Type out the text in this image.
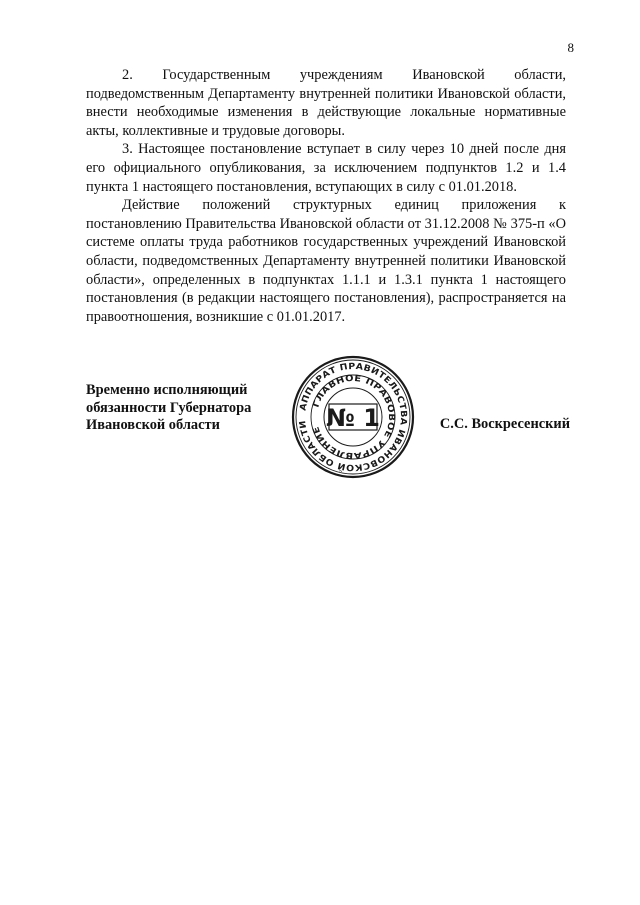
8

2. Государственным учреждениям Ивановской области, подведомственным Департаменту внутренней политики Ивановской области, внести необходимые изменения в действующие локальные нормативные акты, коллективные и трудовые договоры.

3. Настоящее постановление вступает в силу через 10 дней после дня его официального опубликования, за исключением подпунктов 1.2 и 1.4 пункта 1 настоящего постановления, вступающих в силу с 01.01.2018.

Действие положений структурных единиц приложения к постановлению Правительства Ивановской области от 31.12.2008 № 375-п «О системе оплаты труда работников государственных учреждений Ивановской области, подведомственных Департаменту внутренней политики Ивановской области», определенных в подпунктах 1.1.1 и 1.3.1 пункта 1 настоящего постановления (в редакции настоящего постановления), распространяется на правоотношения, возникшие с 01.01.2017.

Временно исполняющий
обязанности Губернатора
Ивановской области
АППАРАТ ПРАВИТЕЛЬСТВА ИВАНОВСКОЙ ОБЛАСТИ
ГЛАВНОЕ ПРАВОВОЕ УПРАВЛЕНИЕ № 1	С.С. Воскресенский
